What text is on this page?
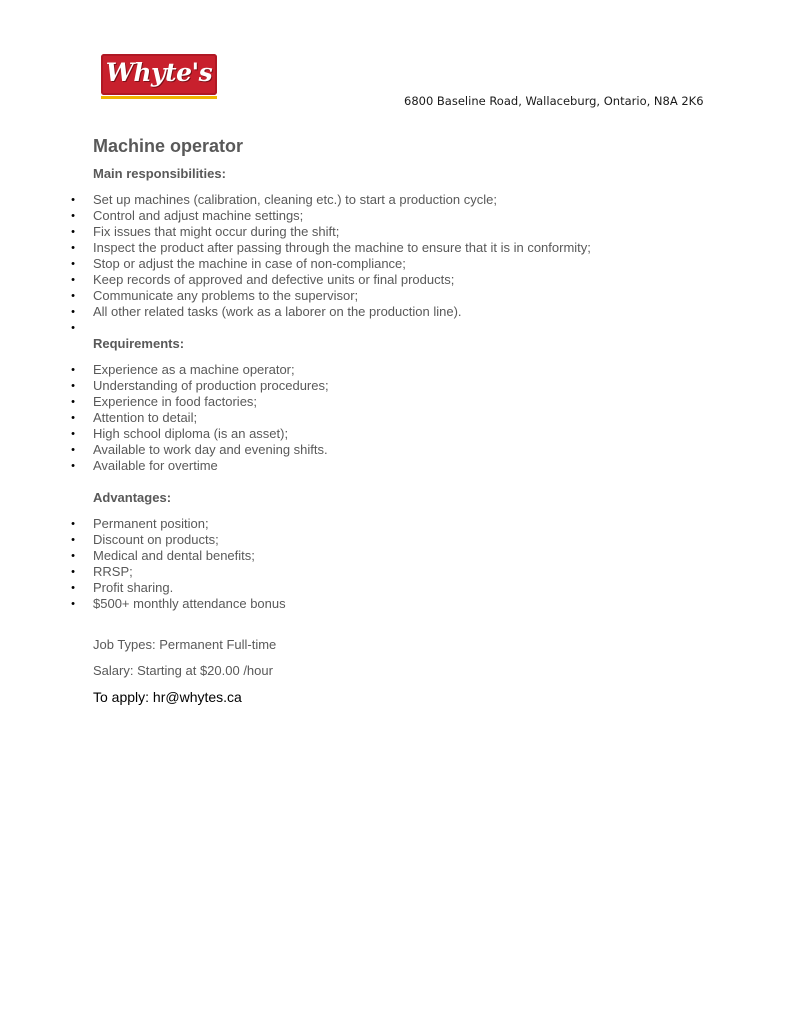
Whyte's
6800 Baseline Road, Wallaceburg, Ontario, N8A 2K6
Machine operator
Main responsibilities:
• Set up machines (calibration, cleaning etc.) to start a production cycle;
• Control and adjust machine settings;
• Fix issues that might occur during the shift;
• Inspect the product after passing through the machine to ensure that it is in conformity;
• Stop or adjust the machine in case of non-compliance;
• Keep records of approved and defective units or final products;
• Communicate any problems to the supervisor;
• All other related tasks (work as a laborer on the production line).
•
Requirements:
• Experience as a machine operator;
• Understanding of production procedures;
• Experience in food factories;
• Attention to detail;
• High school diploma (is an asset);
• Available to work day and evening shifts.
• Available for overtime
Advantages:
• Permanent position;
• Discount on products;
• Medical and dental benefits;
• RRSP;
• Profit sharing.
• $500+ monthly attendance bonus
Job Types: Permanent Full-time
Salary: Starting at $20.00 /hour
To apply: hr@whytes.ca
